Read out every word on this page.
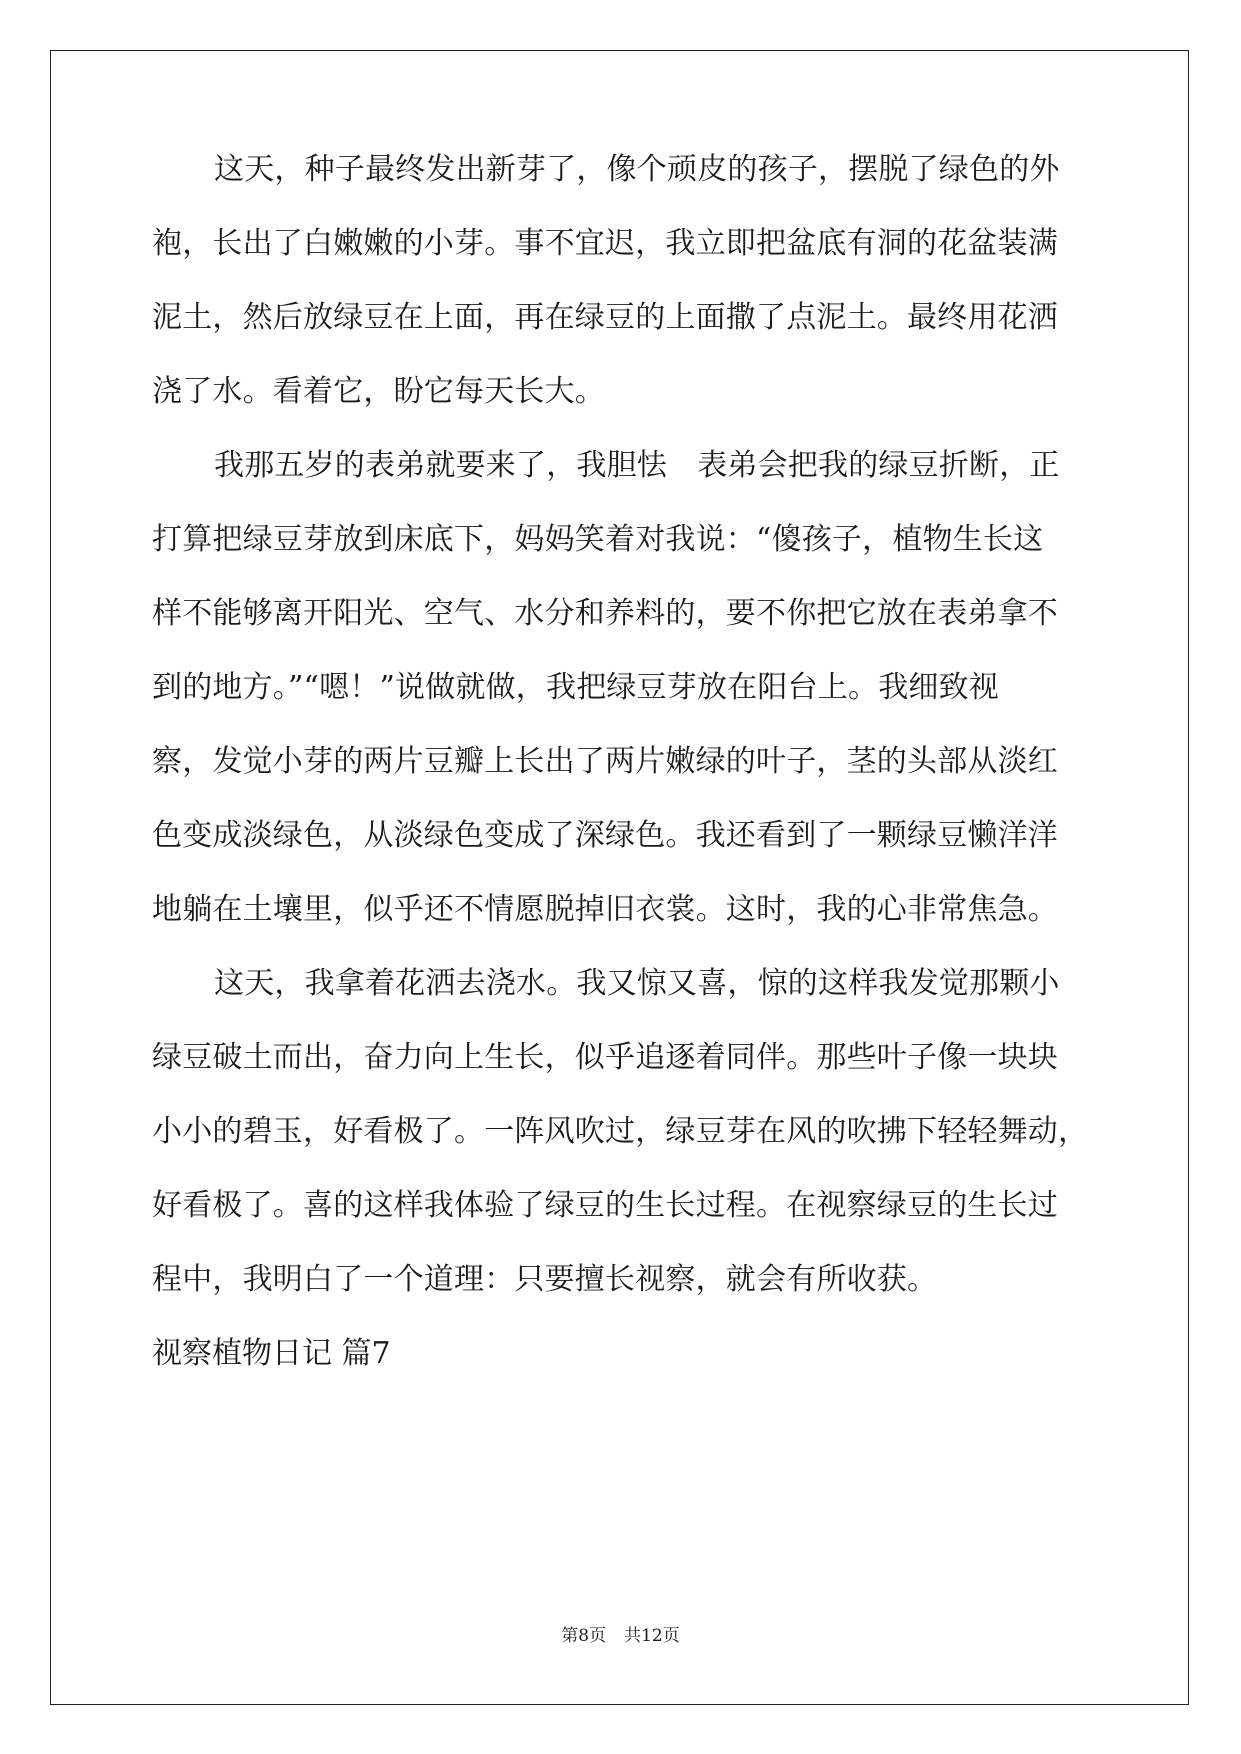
这天，种子最终发出新芽了，像个顽皮的孩子，摆脱了绿色的外
袍，长出了白嫩嫩的小芽。事不宜迟，我立即把盆底有洞的花盆装满
泥土，然后放绿豆在上面，再在绿豆的上面撒了点泥土。最终用花洒
浇了水。看着它，盼它每天长大。
我那五岁的表弟就要来了，我胆怯　表弟会把我的绿豆折断，正
打算把绿豆芽放到床底下，妈妈笑着对我说：“傻孩子，植物生长这
样不能够离开阳光、空气、水分和养料的，要不你把它放在表弟拿不
到的地方。”“嗯！”说做就做，我把绿豆芽放在阳台上。我细致视
察，发觉小芽的两片豆瓣上长出了两片嫩绿的叶子，茎的头部从淡红
色变成淡绿色，从淡绿色变成了深绿色。我还看到了一颗绿豆懒洋洋
地躺在土壤里，似乎还不情愿脱掉旧衣裳。这时，我的心非常焦急。
这天，我拿着花洒去浇水。我又惊又喜，惊的这样我发觉那颗小
绿豆破土而出，奋力向上生长，似乎追逐着同伴。那些叶子像一块块
小小的碧玉，好看极了。一阵风吹过，绿豆芽在风的吹拂下轻轻舞动，
好看极了。喜的这样我体验了绿豆的生长过程。在视察绿豆的生长过
程中，我明白了一个道理：只要擅长视察，就会有所收获。
视察植物日记 篇7
第8页 共12页
